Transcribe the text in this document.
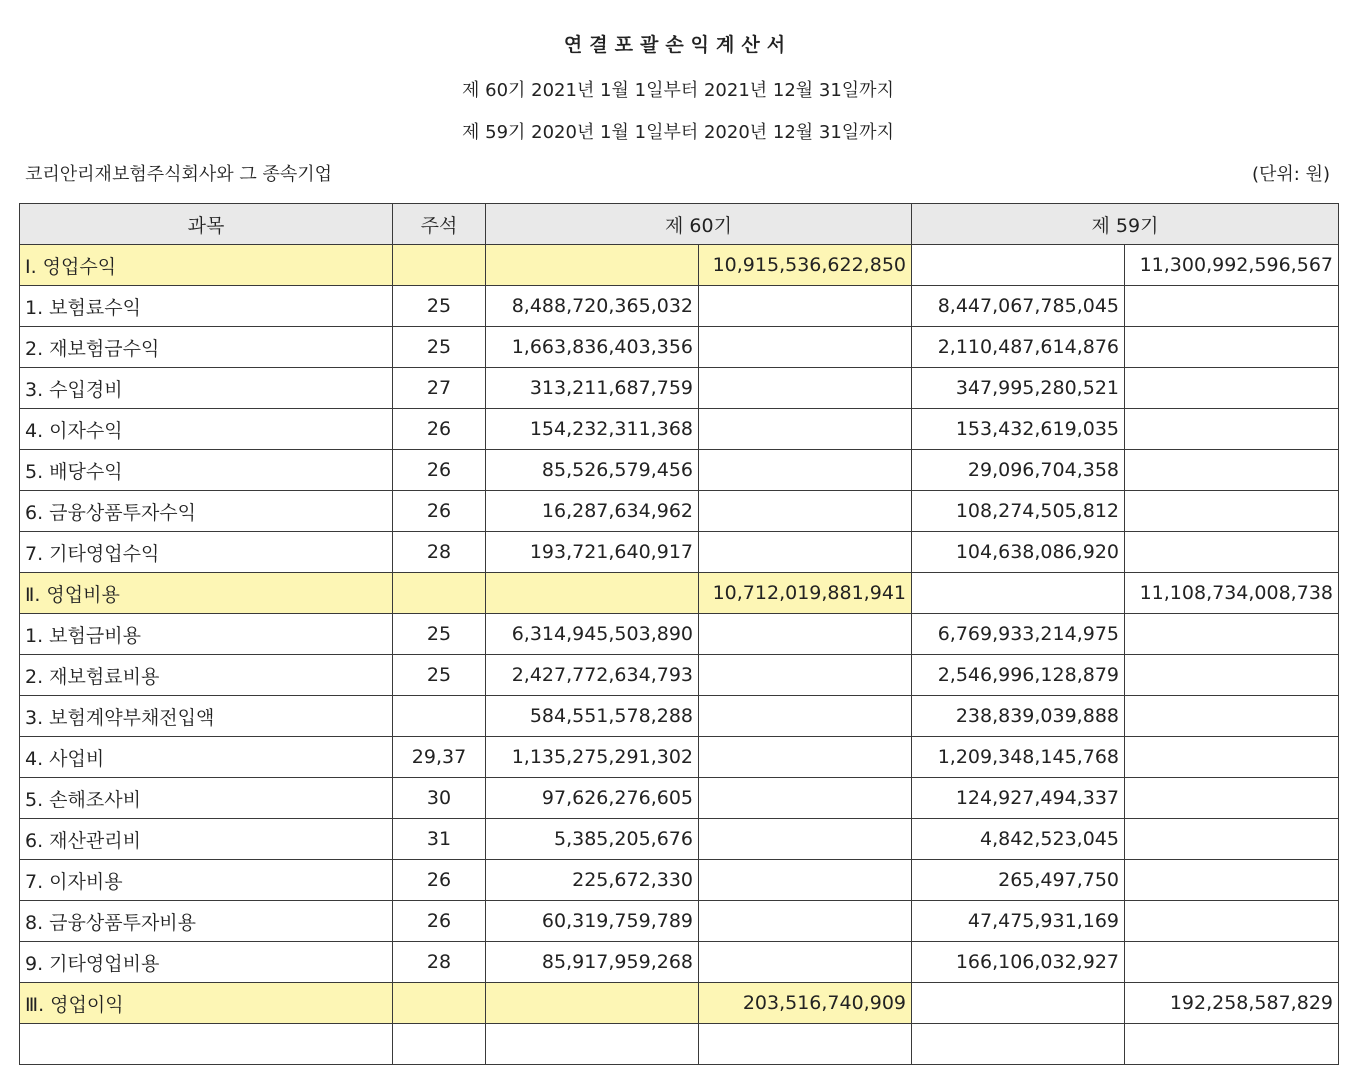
연결포괄손익계산서
제 60기 2021년 1월 1일부터 2021년 12월 31일까지
제 59기 2020년 1월 1일부터 2020년 12월 31일까지
코리안리재보험주식회사와 그 종속기업	(단위: 원)
과목	주석	제 60기		제 59기	
Ⅰ. 영업수익			10,915,536,622,850		11,300,992,596,567
1. 보험료수익	25	8,488,720,365,032		8,447,067,785,045	
2. 재보험금수익	25	1,663,836,403,356		2,110,487,614,876	
3. 수입경비	27	313,211,687,759		347,995,280,521	
4. 이자수익	26	154,232,311,368		153,432,619,035	
5. 배당수익	26	85,526,579,456		29,096,704,358	
6. 금융상품투자수익	26	16,287,634,962		108,274,505,812	
7. 기타영업수익	28	193,721,640,917		104,638,086,920	
Ⅱ. 영업비용			10,712,019,881,941		11,108,734,008,738
1. 보험금비용	25	6,314,945,503,890		6,769,933,214,975	
2. 재보험료비용	25	2,427,772,634,793		2,546,996,128,879	
3. 보험계약부채전입액		584,551,578,288		238,839,039,888	
4. 사업비	29,37	1,135,275,291,302		1,209,348,145,768	
5. 손해조사비	30	97,626,276,605		124,927,494,337	
6. 재산관리비	31	5,385,205,676		4,842,523,045	
7. 이자비용	26	225,672,330		265,497,750	
8. 금융상품투자비용	26	60,319,759,789		47,475,931,169	
9. 기타영업비용	28	85,917,959,268		166,106,032,927	
Ⅲ. 영업이익			203,516,740,909		192,258,587,829
